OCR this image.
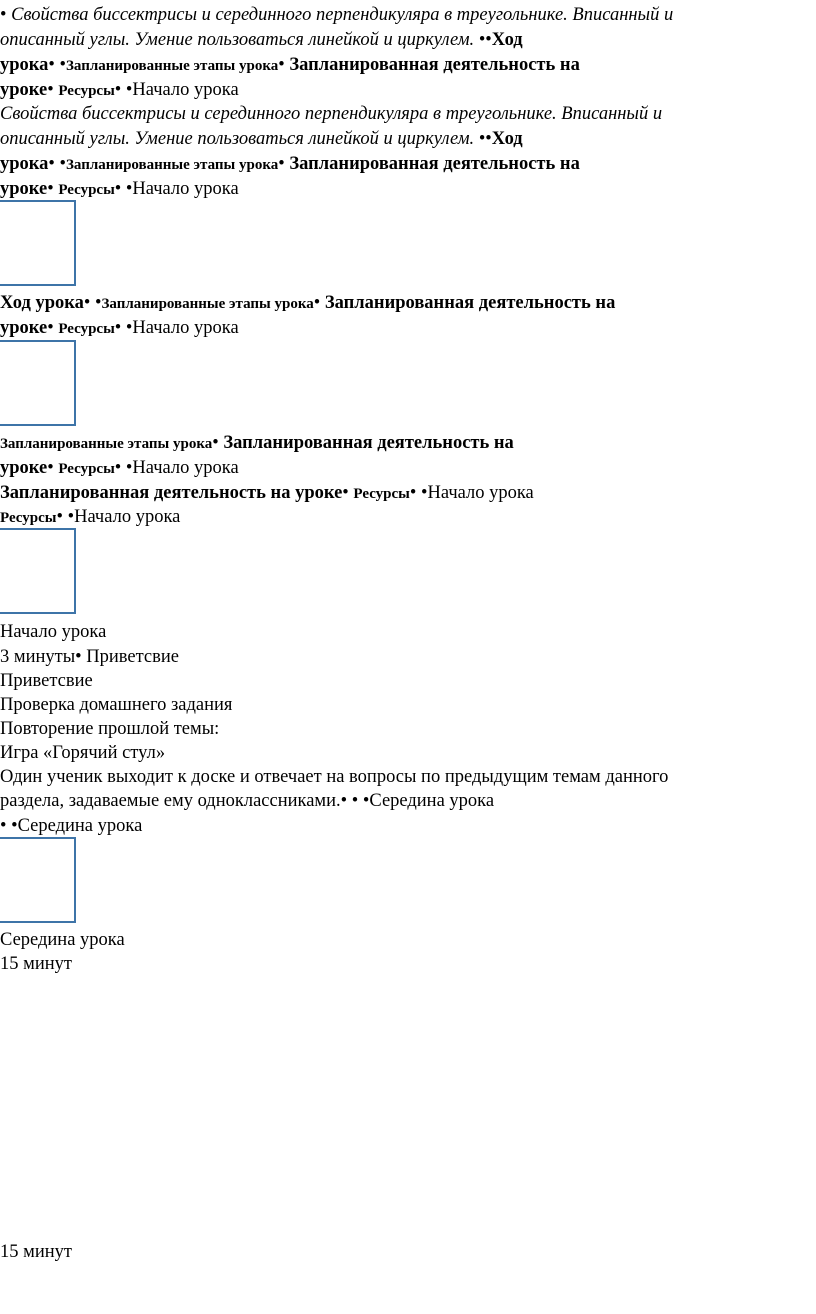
• Свойства биссектрисы и серединного перпендикуляра в треугольнике. Вписанный и
описанный углы. Умение пользоваться линейкой и циркулем. ••Ход
урока• •Запланированные этапы урока• Запланированная деятельность на
уроке• Ресурсы• •Начало урока
Свойства биссектрисы и серединного перпендикуляра в треугольнике. Вписанный и
описанный углы. Умение пользоваться линейкой и циркулем. ••Ход
урока• •Запланированные этапы урока• Запланированная деятельность на
уроке• Ресурсы• •Начало урока
Ход урока• •Запланированные этапы урока• Запланированная деятельность на
уроке• Ресурсы• •Начало урока
Запланированные этапы урока• Запланированная деятельность на
уроке• Ресурсы• •Начало урока
Запланированная деятельность на уроке• Ресурсы• •Начало урока
Ресурсы• •Начало урока
Начало урока
3 минуты• Приветсвие
Приветсвие
Проверка домашнего задания
Повторение прошлой темы:
Игра «Горячий стул»
Один ученик выходит к доске и отвечает на вопросы по предыдущим темам данного
раздела, задаваемые ему одноклассниками.• • •Середина урока
• •Середина урока
Середина урока
15 минут
15 минут
